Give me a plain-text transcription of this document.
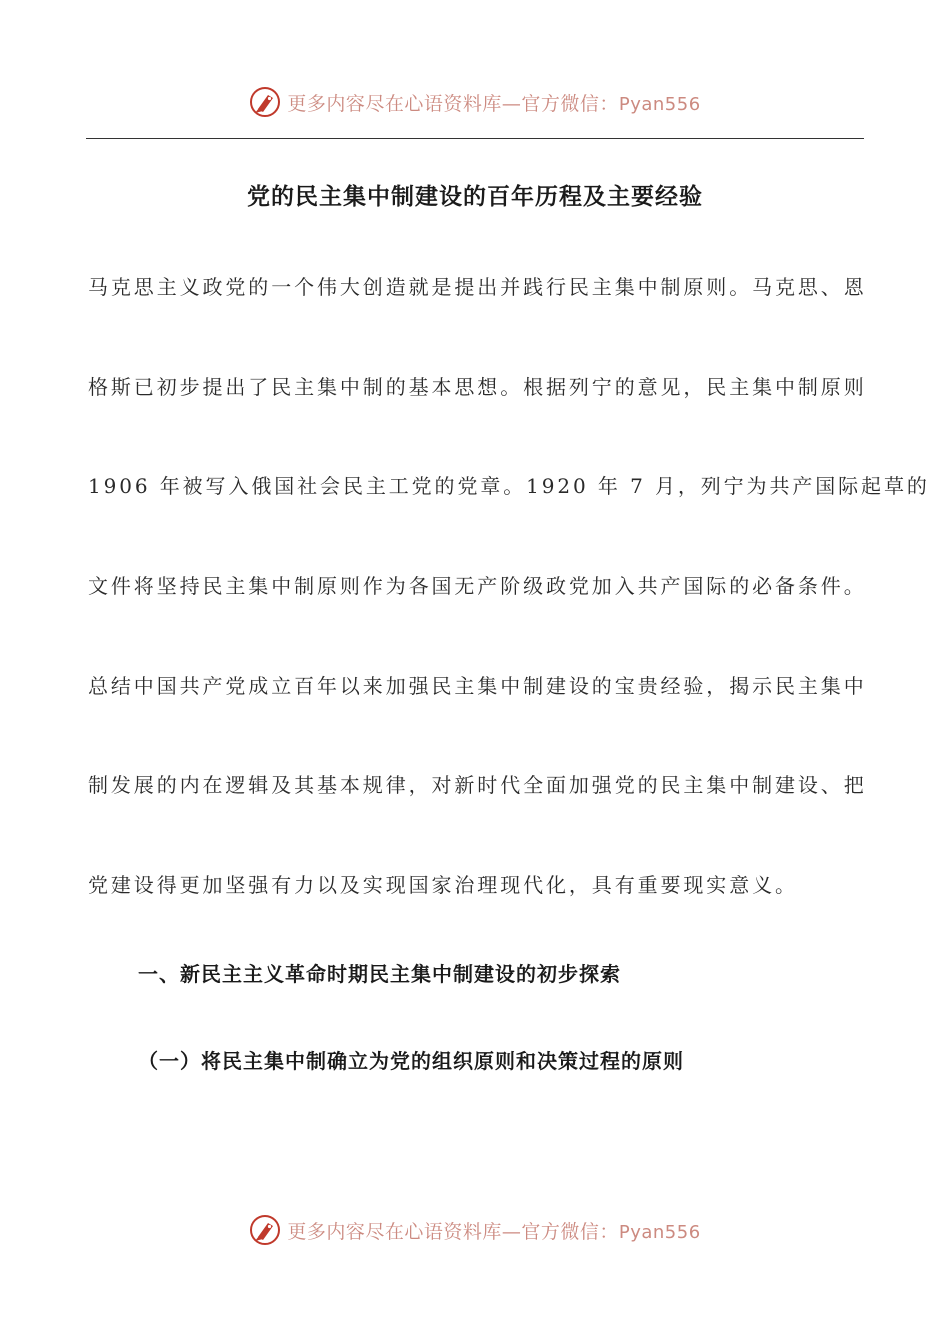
更多内容尽在心语资料库—官方微信：Pyan556
党的民主集中制建设的百年历程及主要经验
马克思主义政党的一个伟大创造就是提出并践行民主集中制原则。马克思、恩
格斯已初步提出了民主集中制的基本思想。根据列宁的意见，民主集中制原则
1906 年被写入俄国社会民主工党的党章。1920 年 7 月，列宁为共产国际起草的
文件将坚持民主集中制原则作为各国无产阶级政党加入共产国际的必备条件。
总结中国共产党成立百年以来加强民主集中制建设的宝贵经验，揭示民主集中
制发展的内在逻辑及其基本规律，对新时代全面加强党的民主集中制建设、把
党建设得更加坚强有力以及实现国家治理现代化，具有重要现实意义。
一、新民主主义革命时期民主集中制建设的初步探索
（一）将民主集中制确立为党的组织原则和决策过程的原则
更多内容尽在心语资料库—官方微信：Pyan556
